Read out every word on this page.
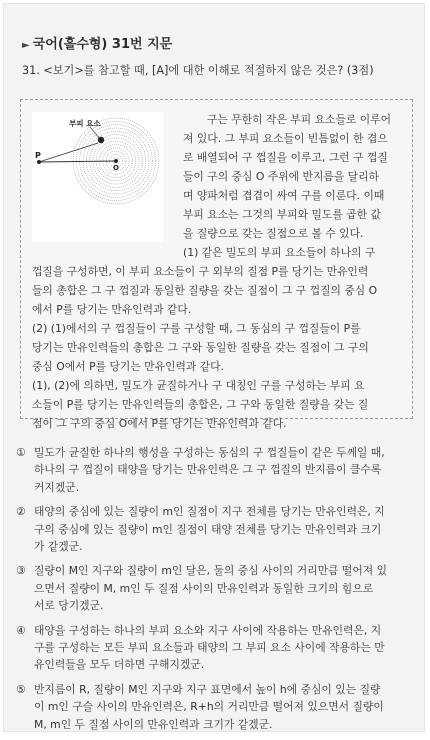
► 국어(홀수형) 31번 지문
31. <보기>를 참고할 때, [A]에 대한 이해로 적절하지 않은 것은? (3점)
부피 요소
P
O
구는 무한히 작은 부피 요소들로 이루어
져 있다. 그 부피 요소들이 빈틈없이 한 겹으
로 배열되어 구 껍질을 이루고, 그런 구 껍질
들이 구의 중심 O 주위에 반지름을 달리하
며 양파처럼 겹겹이 싸여 구를 이룬다. 이때
부피 요소는 그것의 부피와 밀도를 곱한 값
을 질량으로 갖는 질점으로 볼 수 있다.
(1) 같은 밀도의 부피 요소들이 하나의 구
껍질을 구성하면, 이 부피 요소들이 구 외부의 질점 P를 당기는 만유인력
들의 총합은 그 구 껍질과 동일한 질량을 갖는 질점이 그 구 껍질의 중심 O
에서 P를 당기는 만유인력과 같다.
(2) (1)에서의 구 껍질들이 구를 구성할 때, 그 동심의 구 껍질들이 P를
당기는 만유인력들의 총합은 그 구와 동일한 질량을 갖는 질점이 그 구의
중심 O에서 P를 당기는 만유인력과 같다.
(1), (2)에 의하면, 밀도가 균질하거나 구 대칭인 구를 구성하는 부피 요
소들이 P를 당기는 만유인력들의 총합은, 그 구와 동일한 질량을 갖는 질
점이 그 구의 중심 O에서 P를 당기는 만유인력과 같다.
① 밀도가 균질한 하나의 행성을 구성하는 동심의 구 껍질들이 같은 두께일 때,
하나의 구 껍질이 태양을 당기는 만유인력은 그 구 껍질의 반지름이 클수록
커지겠군.
② 태양의 중심에 있는 질량이 m인 질점이 지구 전체를 당기는 만유인력은, 지
구의 중심에 있는 질량이 m인 질점이 태양 전체를 당기는 만유인력과 크기
가 같겠군.
③ 질량이 M인 지구와 질량이 m인 달은, 둘의 중심 사이의 거리만큼 떨어져 있
으면서 질량이 M, m인 두 질점 사이의 만유인력과 동일한 크기의 힘으로
서로 당기겠군.
④ 태양을 구성하는 하나의 부피 요소와 지구 사이에 작용하는 만유인력은, 지
구를 구성하는 모든 부피 요소들과 태양의 그 부피 요소 사이에 작용하는 만
유인력들을 모두 더하면 구해지겠군.
⑤ 반지름이 R, 질량이 M인 지구와 지구 표면에서 높이 h에 중심이 있는 질량
이 m인 구슬 사이의 만유인력은, R+h의 거리만큼 떨어져 있으면서 질량이
M, m인 두 질점 사이의 만유인력과 크기가 같겠군.
